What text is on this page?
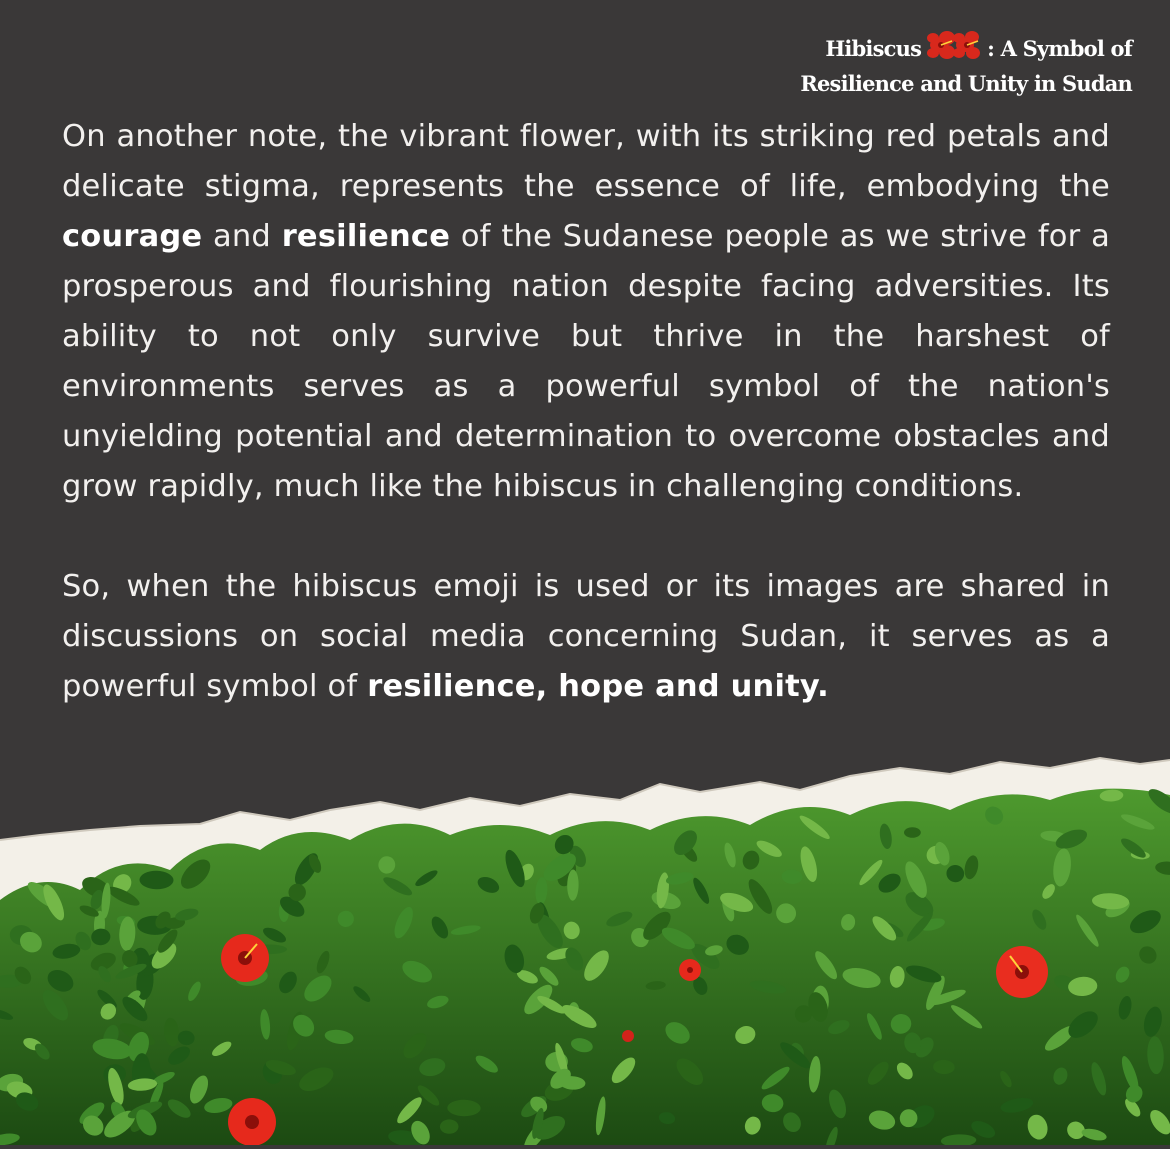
Hibiscus	: A Symbol of
Resilience and Unity in Sudan

On another note, the vibrant flower, with its striking red petals and delicate stigma, represents the essence of life, embodying the courage and resilience of the Sudanese people as we strive for a prosperous and flourishing nation despite facing adversities. Its ability to not only survive but thrive in the harshest of environments serves as a powerful symbol of the nation's unyielding potential and determination to overcome obstacles and grow rapidly, much like the hibiscus in challenging conditions.

So, when the hibiscus emoji is used or its images are shared in discussions on social media concerning Sudan, it serves as a powerful symbol of resilience, hope and unity.
